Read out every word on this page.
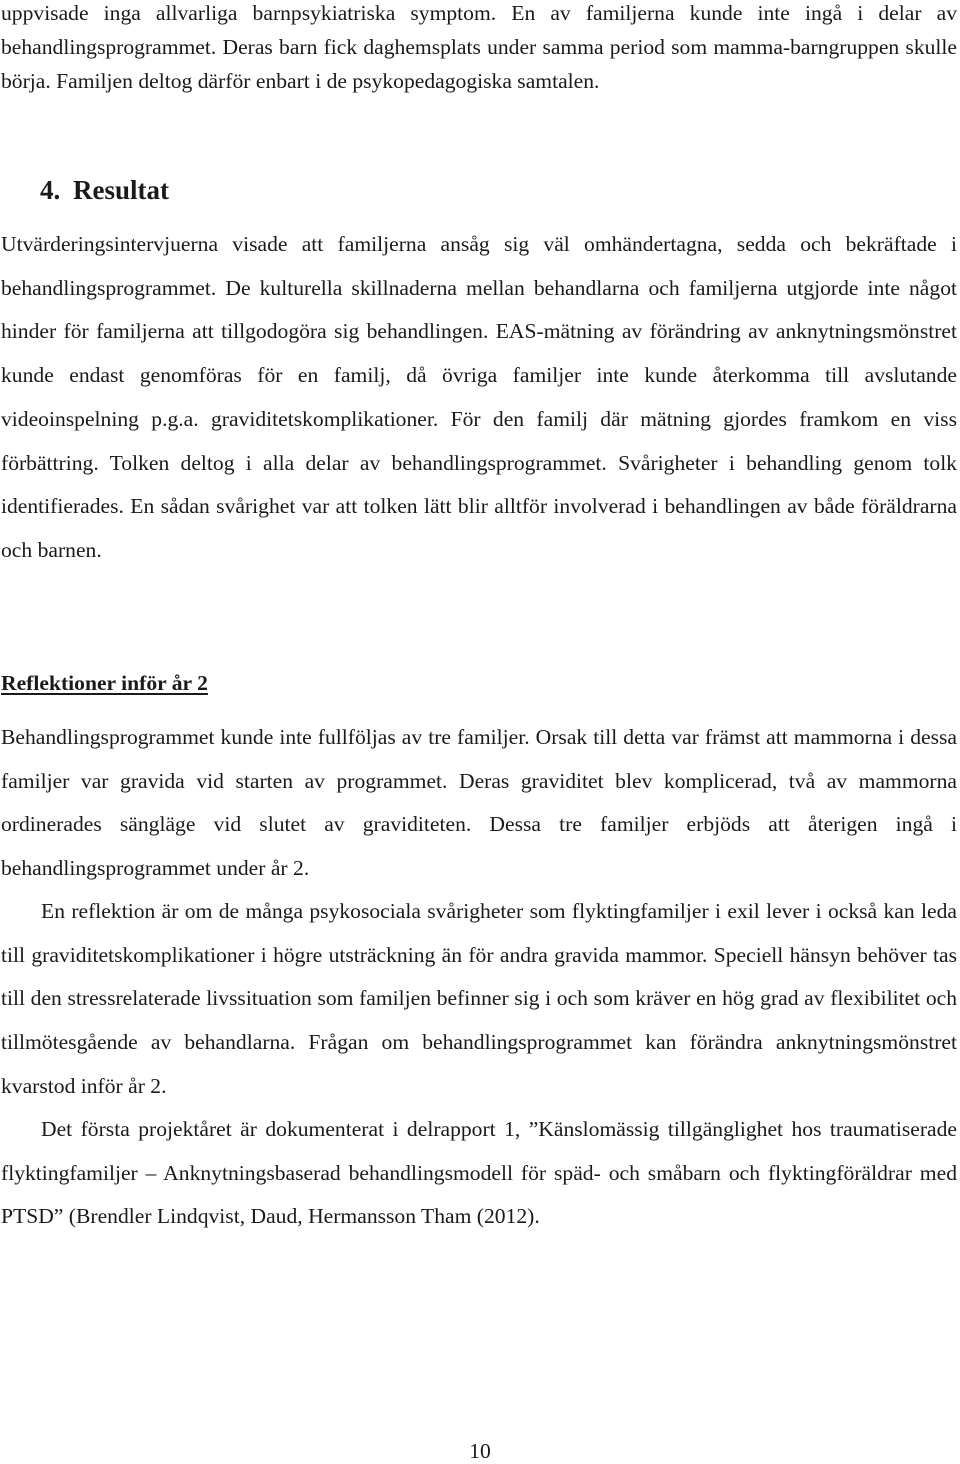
uppvisade inga allvarliga barnpsykiatriska symptom. En av familjerna kunde inte ingå i delar av behandlingsprogrammet. Deras barn fick daghemsplats under samma period som mamma-barngruppen skulle börja. Familjen deltog därför enbart i de psykopedagogiska samtalen.

4. Resultat

Utvärderingsintervjuerna visade att familjerna ansåg sig väl omhändertagna, sedda och bekräftade i behandlingsprogrammet. De kulturella skillnaderna mellan behandlarna och familjerna utgjorde inte något hinder för familjerna att tillgodogöra sig behandlingen. EAS-mätning av förändring av anknytningsmönstret kunde endast genomföras för en familj, då övriga familjer inte kunde återkomma till avslutande videoinspelning p.g.a. graviditetskomplikationer. För den familj där mätning gjordes framkom en viss förbättring. Tolken deltog i alla delar av behandlingsprogrammet. Svårigheter i behandling genom tolk identifierades. En sådan svårighet var att tolken lätt blir alltför involverad i behandlingen av både föräldrarna och barnen.

Reflektioner inför år 2

Behandlingsprogrammet kunde inte fullföljas av tre familjer. Orsak till detta var främst att mammorna i dessa familjer var gravida vid starten av programmet. Deras graviditet blev komplicerad, två av mammorna ordinerades sängläge vid slutet av graviditeten. Dessa tre familjer erbjöds att återigen ingå i behandlingsprogrammet under år 2.

En reflektion är om de många psykosociala svårigheter som flyktingfamiljer i exil lever i också kan leda till graviditetskomplikationer i högre utsträckning än för andra gravida mammor. Speciell hänsyn behöver tas till den stressrelaterade livssituation som familjen befinner sig i och som kräver en hög grad av flexibilitet och tillmötesgående av behandlarna. Frågan om behandlingsprogrammet kan förändra anknytningsmönstret kvarstod inför år 2.

Det första projektåret är dokumenterat i delrapport 1, ”Känslomässig tillgänglighet hos traumatiserade flyktingfamiljer – Anknytningsbaserad behandlingsmodell för späd- och småbarn och flyktingföräldrar med PTSD” (Brendler Lindqvist, Daud, Hermansson Tham (2012).

10
